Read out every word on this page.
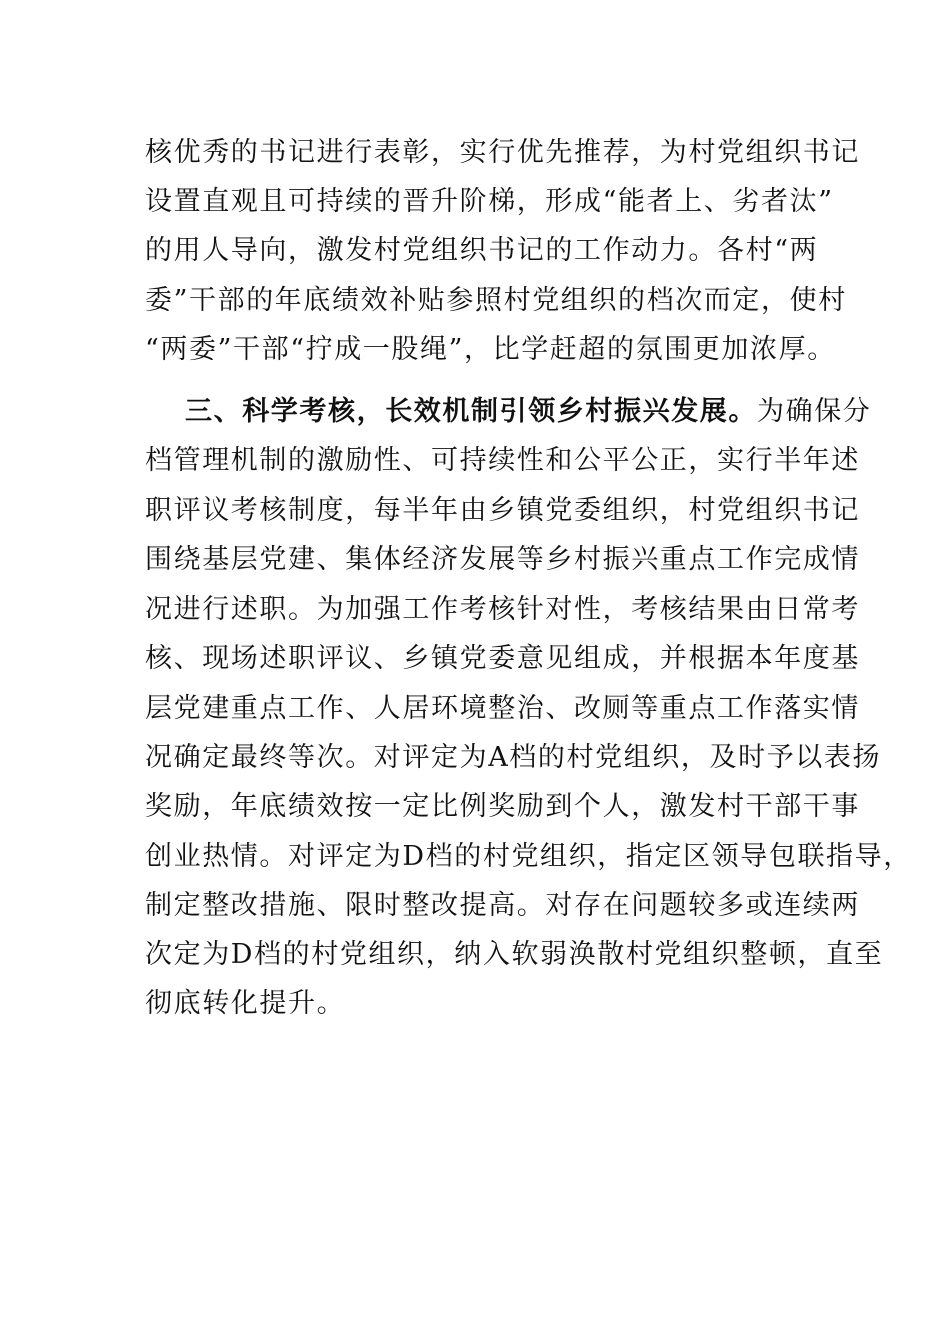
核优秀的书记进行表彰，实行优先推荐，为村党组织书记
设置直观且可持续的晋升阶梯，形成“能者上、劣者汰”
的用人导向，激发村党组织书记的工作动力。各村“两
委”干部的年底绩效补贴参照村党组织的档次而定，使村
“两委”干部“拧成一股绳”，比学赶超的氛围更加浓厚。
三、科学考核，长效机制引领乡村振兴发展。为确保分
档管理机制的激励性、可持续性和公平公正，实行半年述
职评议考核制度，每半年由乡镇党委组织，村党组织书记
围绕基层党建、集体经济发展等乡村振兴重点工作完成情
况进行述职。为加强工作考核针对性，考核结果由日常考
核、现场述职评议、乡镇党委意见组成，并根据本年度基
层党建重点工作、人居环境整治、改厕等重点工作落实情
况确定最终等次。对评定为A档的村党组织，及时予以表扬
奖励，年底绩效按一定比例奖励到个人，激发村干部干事
创业热情。对评定为D档的村党组织，指定区领导包联指导，
制定整改措施、限时整改提高。对存在问题较多或连续两
次定为D档的村党组织，纳入软弱涣散村党组织整顿，直至
彻底转化提升。
